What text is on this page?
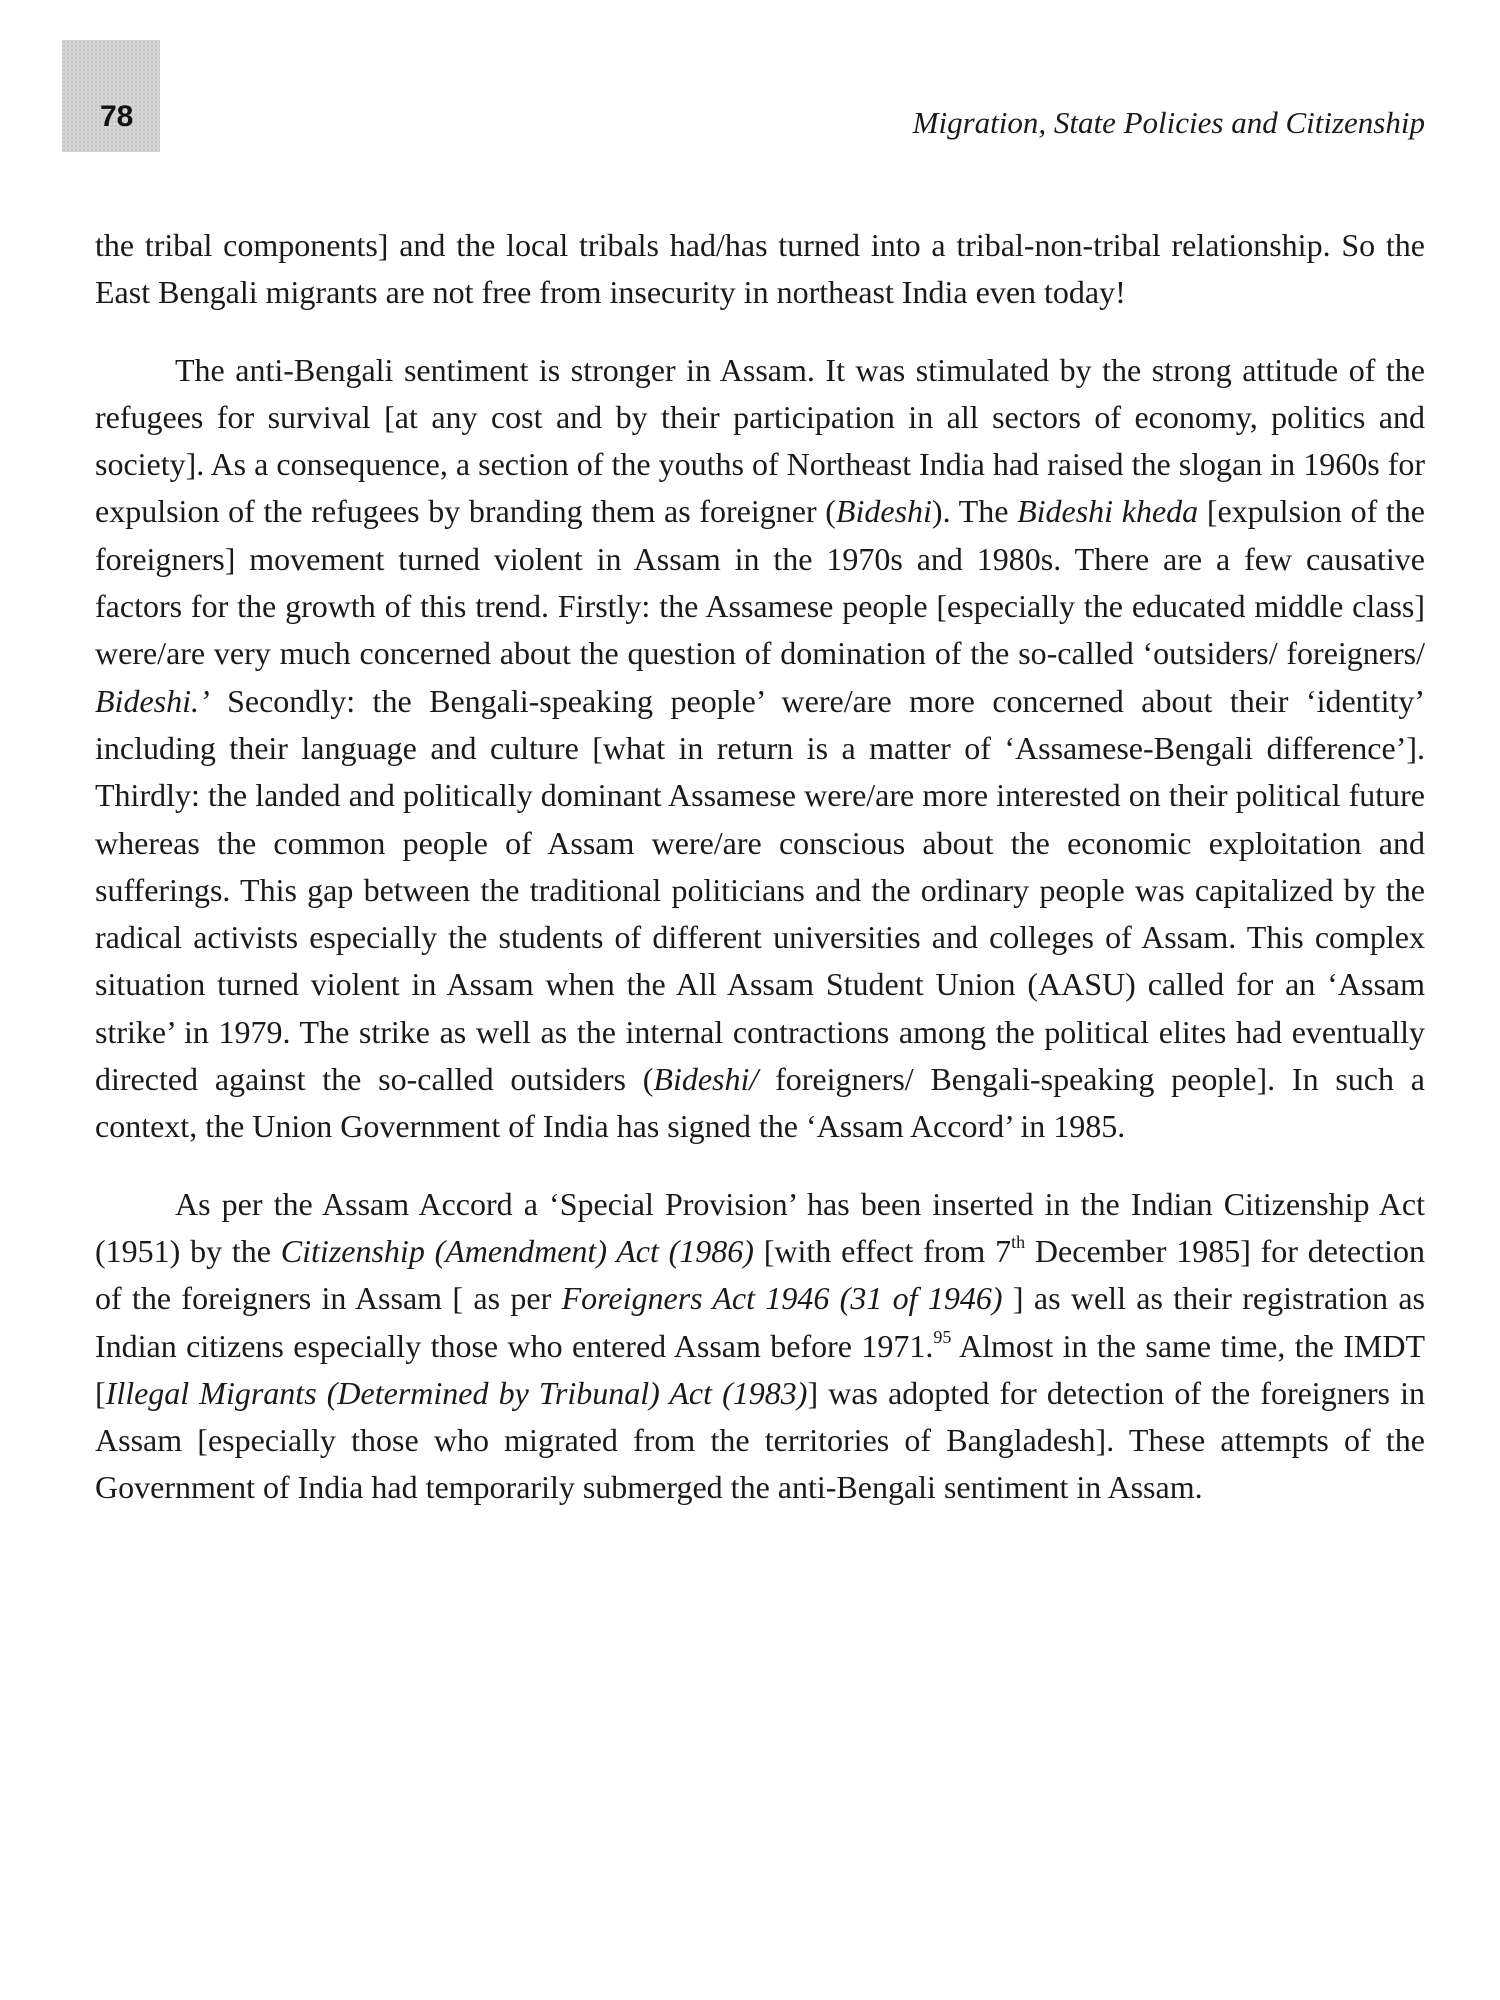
78	Migration, State Policies and Citizenship

the tribal components] and the local tribals had/has turned into a tribal-non-tribal relationship. So the East Bengali migrants are not free from insecurity in northeast India even today!

The anti-Bengali sentiment is stronger in Assam. It was stimulated by the strong attitude of the refugees for survival [at any cost and by their participation in all sectors of economy, politics and society]. As a consequence, a section of the youths of Northeast India had raised the slogan in 1960s for expulsion of the refugees by branding them as foreigner (Bideshi). The Bideshi kheda [expulsion of the foreigners] movement turned violent in Assam in the 1970s and 1980s. There are a few causative factors for the growth of this trend. Firstly: the Assamese people [especially the educated middle class] were/are very much concerned about the question of domination of the so-called ‘outsiders/ foreigners/ Bideshi.’ Secondly: the Bengali-speaking people’ were/are more concerned about their ‘identity’ including their language and culture [what in return is a matter of ‘Assamese-Bengali difference’]. Thirdly: the landed and politically dominant Assamese were/are more interested on their political future whereas the common people of Assam were/are conscious about the economic exploitation and sufferings. This gap between the traditional politicians and the ordinary people was capitalized by the radical activists especially the students of different universities and colleges of Assam. This complex situation turned violent in Assam when the All Assam Student Union (AASU) called for an ‘Assam strike’ in 1979. The strike as well as the internal contractions among the political elites had eventually directed against the so-called outsiders (Bideshi/ foreigners/ Bengali-speaking people]. In such a context, the Union Government of India has signed the ‘Assam Accord’ in 1985.

As per the Assam Accord a ‘Special Provision’ has been inserted in the Indian Citizenship Act (1951) by the Citizenship (Amendment) Act (1986) [with effect from 7th December 1985] for detection of the foreigners in Assam [ as per Foreigners Act 1946 (31 of 1946) ] as well as their registration as Indian citizens especially those who entered Assam before 1971.95 Almost in the same time, the IMDT [Illegal Migrants (Determined by Tribunal) Act (1983)] was adopted for detection of the foreigners in Assam [especially those who migrated from the territories of Bangladesh]. These attempts of the Government of India had temporarily submerged the anti-Bengali sentiment in Assam.
